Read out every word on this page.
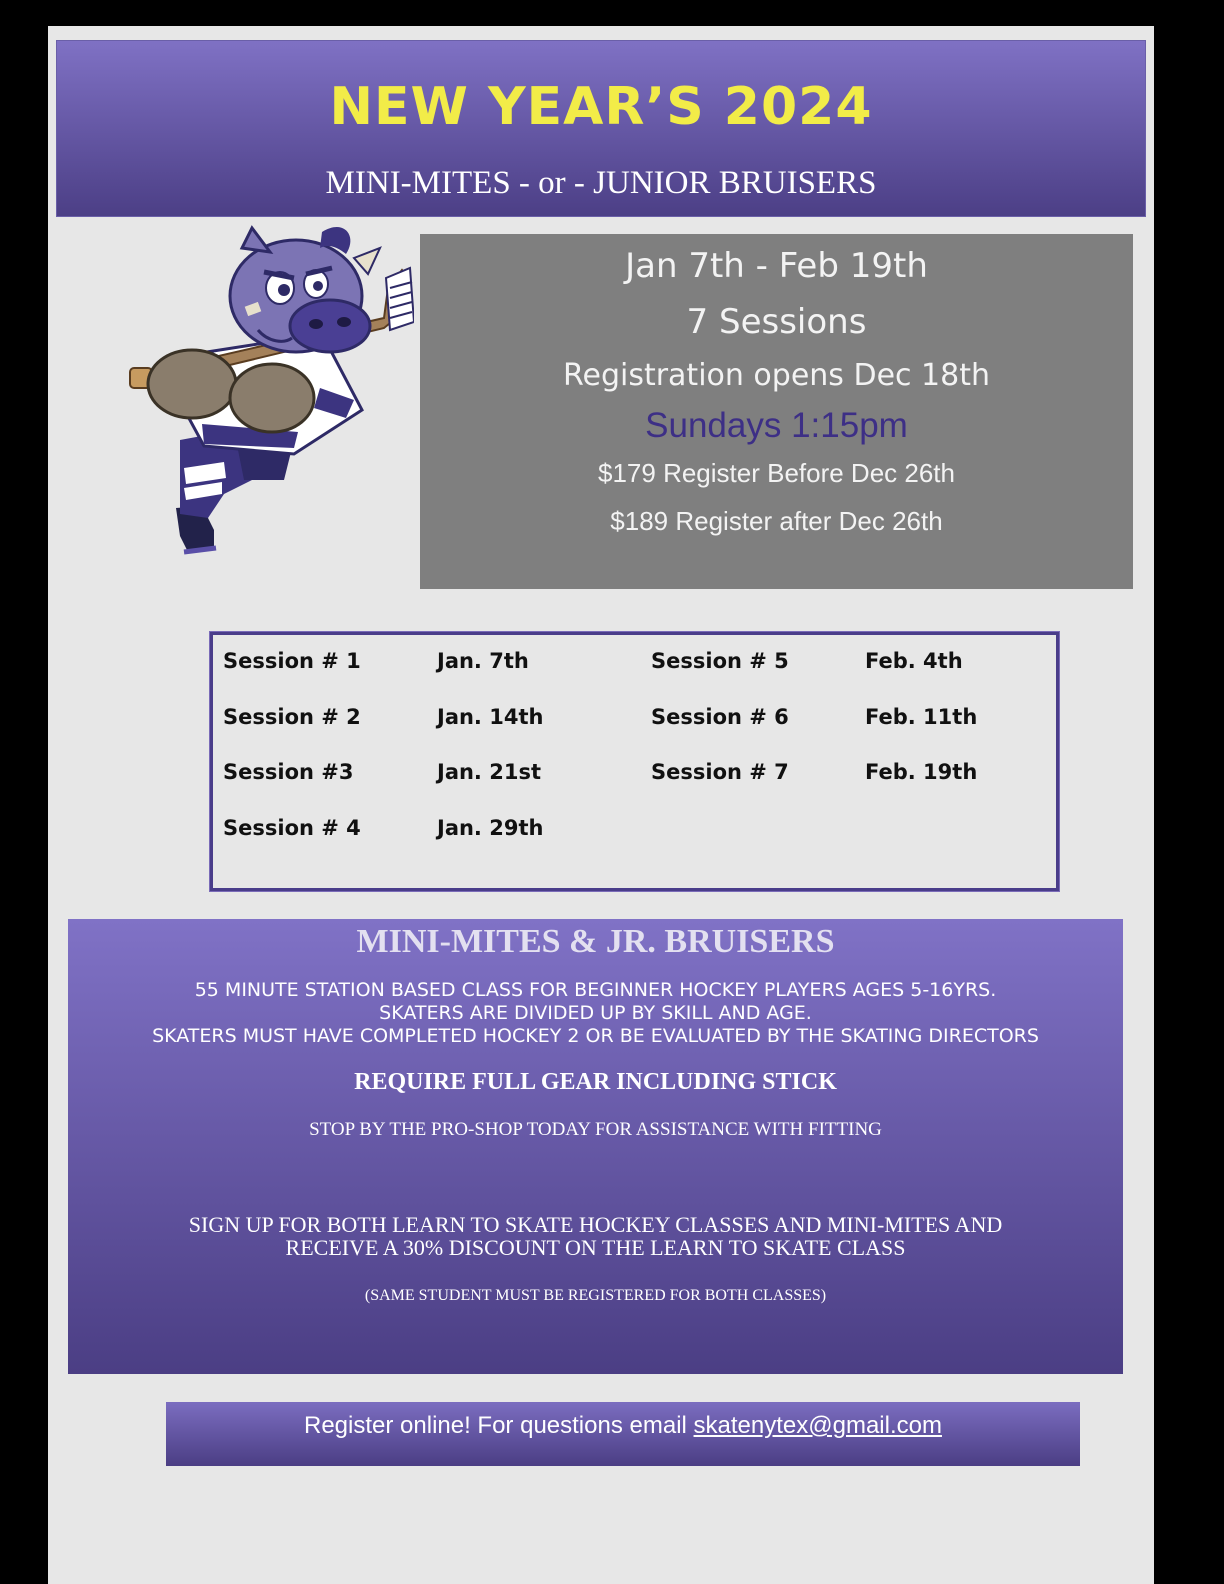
NEW YEAR’S 2024
MINI-MITES - or - JUNIOR BRUISERS
Jan 7th - Feb 19th
7 Sessions
Registration opens Dec 18th
Sundays 1:15pm
$179 Register Before Dec 26th
$189 Register after Dec 26th
Session # 1	Jan. 7th
Session # 2	Jan. 14th
Session #3	Jan. 21st
Session # 4	Jan. 29th
Session # 5	Feb. 4th
Session # 6	Feb. 11th
Session # 7	Feb. 19th
MINI-MITES & JR. BRUISERS
55 MINUTE STATION BASED CLASS FOR BEGINNER HOCKEY PLAYERS AGES 5-16YRS.
SKATERS ARE DIVIDED UP BY SKILL AND AGE.
SKATERS MUST HAVE COMPLETED HOCKEY 2 OR BE EVALUATED BY THE SKATING DIRECTORS
REQUIRE FULL GEAR INCLUDING STICK
STOP BY THE PRO-SHOP TODAY FOR ASSISTANCE WITH FITTING
SIGN UP FOR BOTH LEARN TO SKATE HOCKEY CLASSES AND MINI-MITES AND
RECEIVE A 30% DISCOUNT ON THE LEARN TO SKATE CLASS
(SAME STUDENT MUST BE REGISTERED FOR BOTH CLASSES)
Register online! For questions email skatenytex@gmail.com
